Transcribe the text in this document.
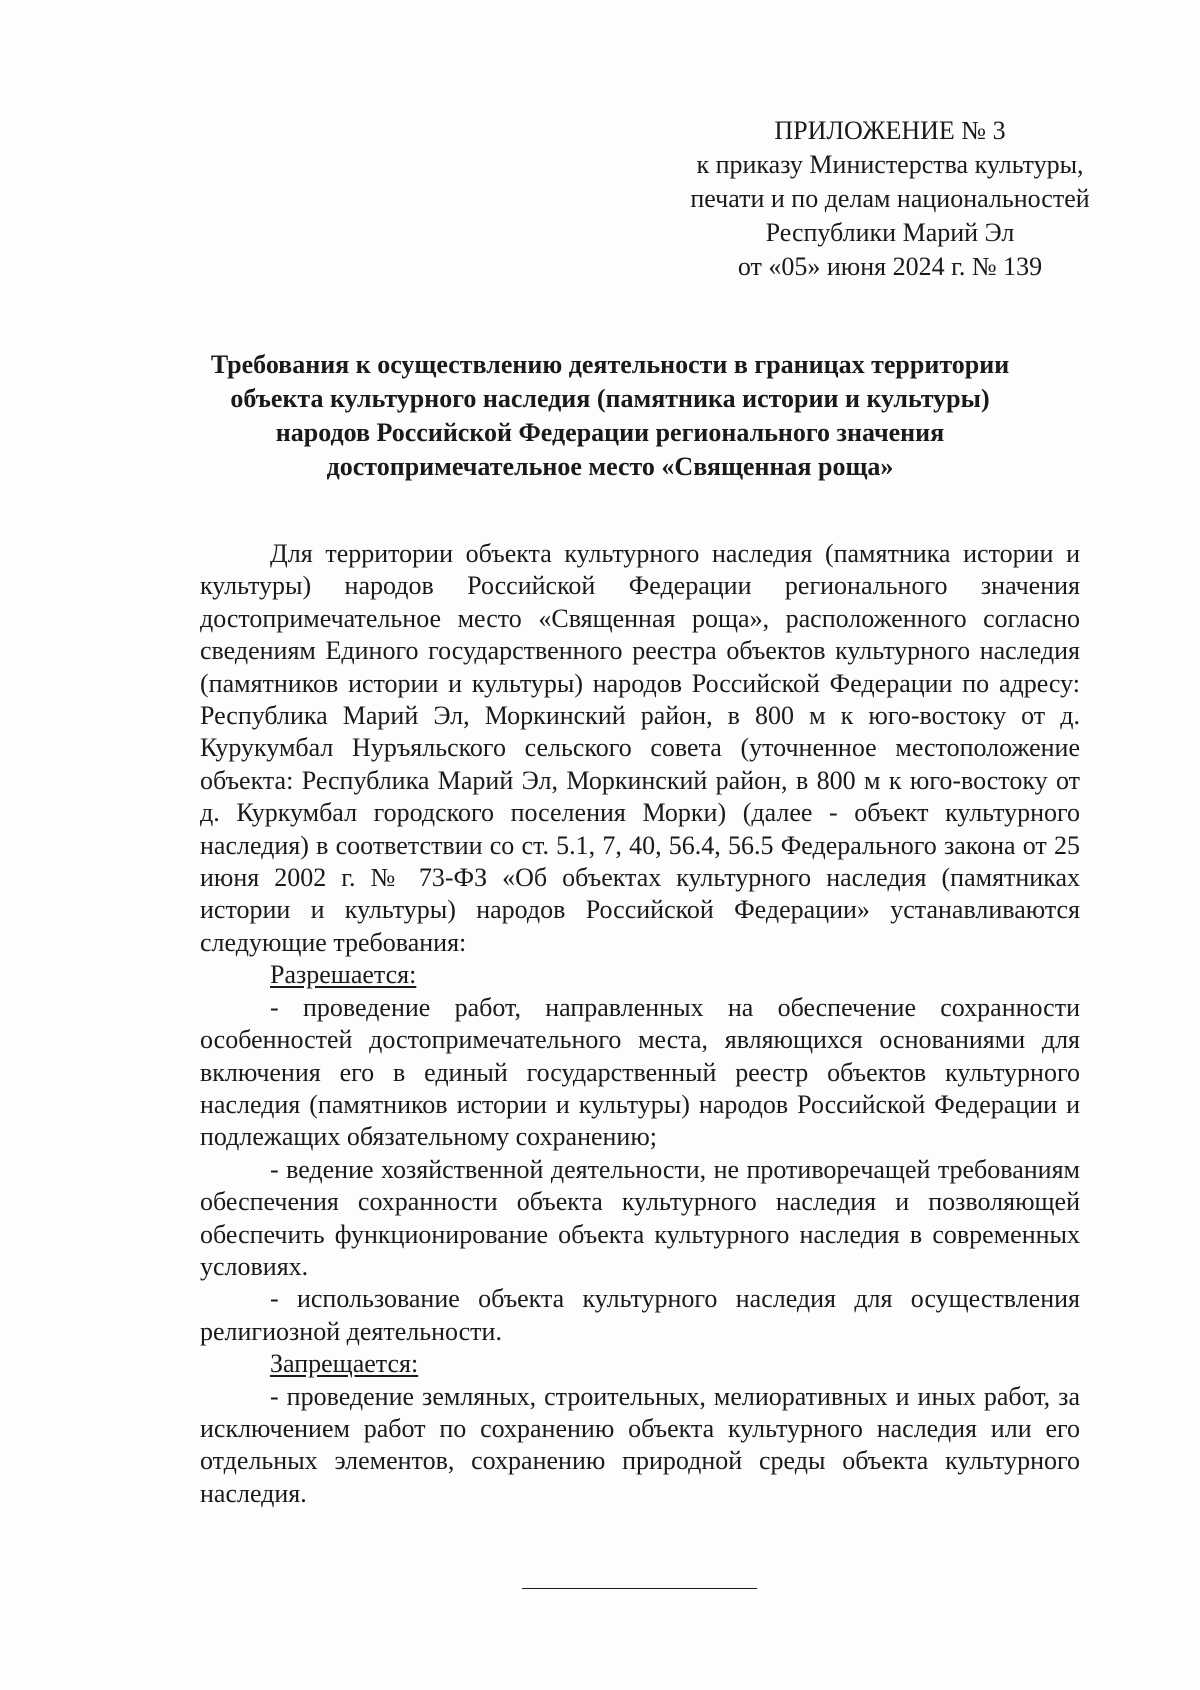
ПРИЛОЖЕНИЕ № 3
к приказу Министерства культуры,
печати и по делам национальностей
Республики Марий Эл
от «05» июня 2024 г. № 139
Требования к осуществлению деятельности в границах территории
объекта культурного наследия (памятника истории и культуры)
народов Российской Федерации регионального значения
достопримечательное место «Священная роща»

Для территории объекта культурного наследия (памятника истории и культуры) народов Российской Федерации регионального значения достопримечательное место «Священная роща», расположенного согласно сведениям Единого государственного реестра объектов культурного наследия (памятников истории и культуры) народов Российской Федерации по адресу: Республика Марий Эл, Моркинский район, в 800 м к юго-востоку от д. Курукумбал Нуръяльского сельского совета (уточненное местоположение объекта: Республика Марий Эл, Моркинский район, в 800 м к юго-востоку от д. Куркумбал городского поселения Морки) (далее - объект культурного наследия) в соответствии со ст. 5.1, 7, 40, 56.4, 56.5 Федерального закона от 25 июня 2002 г. № 73-ФЗ «Об объектах культурного наследия (памятниках истории и культуры) народов Российской Федерации» устанавливаются следующие требования:

Разрешается:

- проведение работ, направленных на обеспечение сохранности особенностей достопримечательного места, являющихся основаниями для включения его в единый государственный реестр объектов культурного наследия (памятников истории и культуры) народов Российской Федерации и подлежащих обязательному сохранению;

- ведение хозяйственной деятельности, не противоречащей требованиям обеспечения сохранности объекта культурного наследия и позволяющей обеспечить функционирование объекта культурного наследия в современных условиях.

- использование объекта культурного наследия для осуществления религиозной деятельности.

Запрещается:

- проведение земляных, строительных, мелиоративных и иных работ, за исключением работ по сохранению объекта культурного наследия или его отдельных элементов, сохранению природной среды объекта культурного наследия.
